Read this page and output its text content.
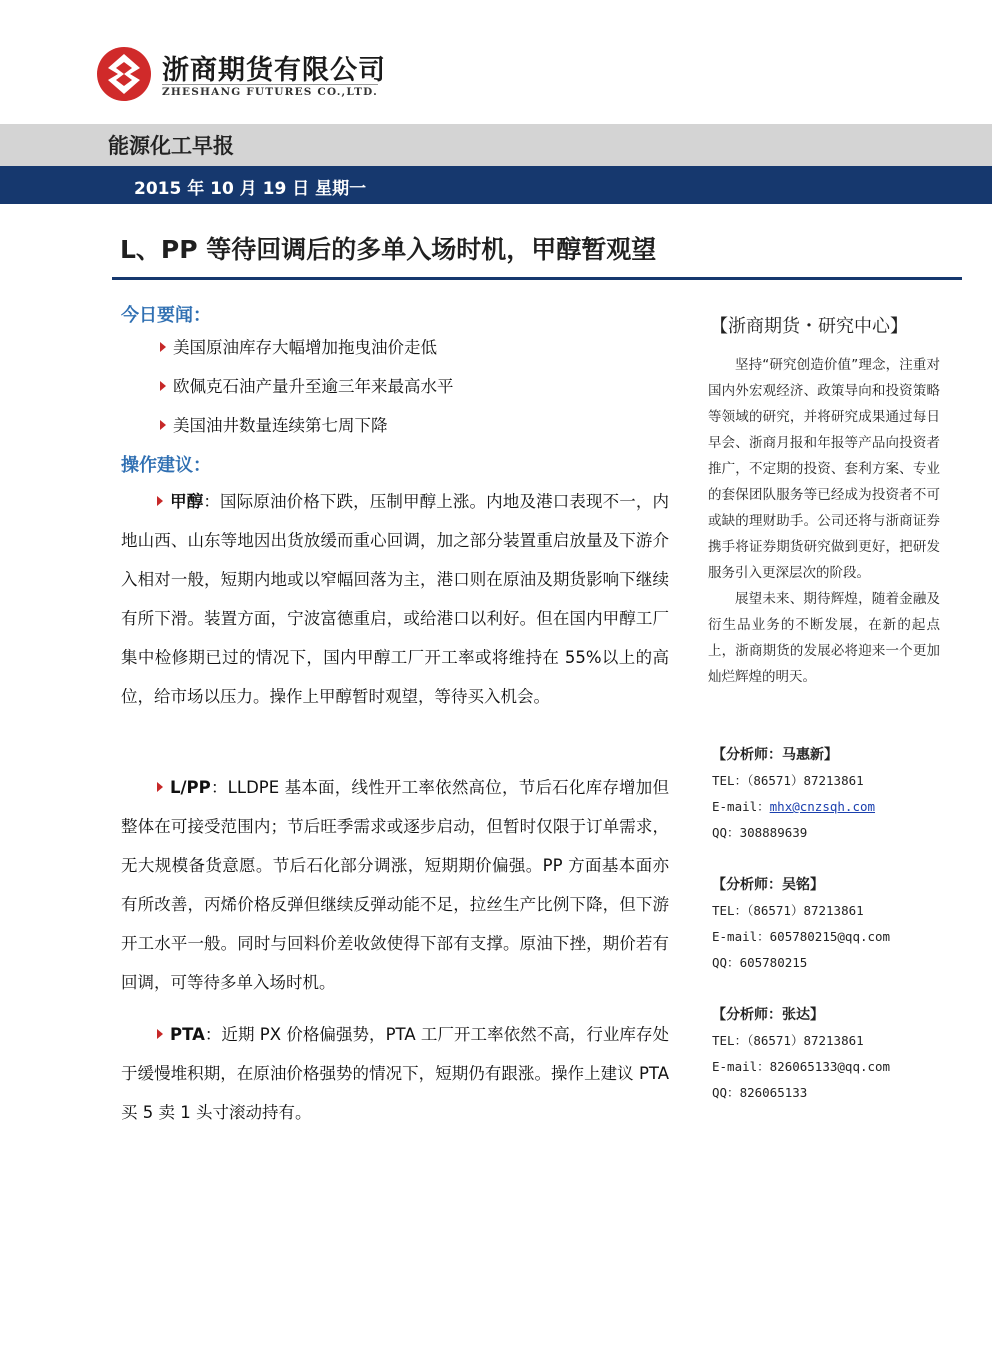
浙商期货有限公司
ZHESHANG FUTURES CO.,LTD.
能源化工早报
2015 年 10 月 19 日 星期一
L、PP 等待回调后的多单入场时机，甲醇暂观望
今日要闻：
美国原油库存大幅增加拖曳油价走低
欧佩克石油产量升至逾三年来最高水平
美国油井数量连续第七周下降
操作建议：
甲醇：国际原油价格下跌，压制甲醇上涨。内地及港口表现不一，内地山西、山东等地因出货放缓而重心回调，加之部分装置重启放量及下游介入相对一般，短期内地或以窄幅回落为主，港口则在原油及期货影响下继续有所下滑。装置方面，宁波富德重启，或给港口以利好。但在国内甲醇工厂集中检修期已过的情况下，国内甲醇工厂开工率或将维持在 55%以上的高位，给市场以压力。操作上甲醇暂时观望，等待买入机会。
L/PP：LLDPE 基本面，线性开工率依然高位，节后石化库存增加但整体在可接受范围内；节后旺季需求或逐步启动，但暂时仅限于订单需求，无大规模备货意愿。节后石化部分调涨，短期期价偏强。PP 方面基本面亦有所改善，丙烯价格反弹但继续反弹动能不足，拉丝生产比例下降，但下游开工水平一般。同时与回料价差收敛使得下部有支撑。原油下挫，期价若有回调，可等待多单入场时机。
PTA：近期 PX 价格偏强势，PTA 工厂开工率依然不高，行业库存处于缓慢堆积期，在原油价格强势的情况下，短期仍有跟涨。操作上建议 PTA 买 5 卖 1 头寸滚动持有。
【浙商期货・研究中心】

坚持“研究创造价值”理念，注重对国内外宏观经济、政策导向和投资策略等领域的研究，并将研究成果通过每日早会、浙商月报和年报等产品向投资者推广，不定期的投资、套利方案、专业的套保团队服务等已经成为投资者不可或缺的理财助手。公司还将与浙商证券携手将证券期货研究做到更好，把研发服务引入更深层次的阶段。

展望未来、期待辉煌，随着金融及衍生品业务的不断发展，在新的起点上，浙商期货的发展必将迎来一个更加灿烂辉煌的明天。

【分析师：马惠新】
TEL：（86571）87213861
E-mail：mhx@cnzsqh.com
QQ：308889639
【分析师：吴铭】
TEL：（86571）87213861
E-mail：605780215@qq.com
QQ：605780215
【分析师：张达】
TEL：（86571）87213861
E-mail：826065133@qq.com
QQ：826065133
